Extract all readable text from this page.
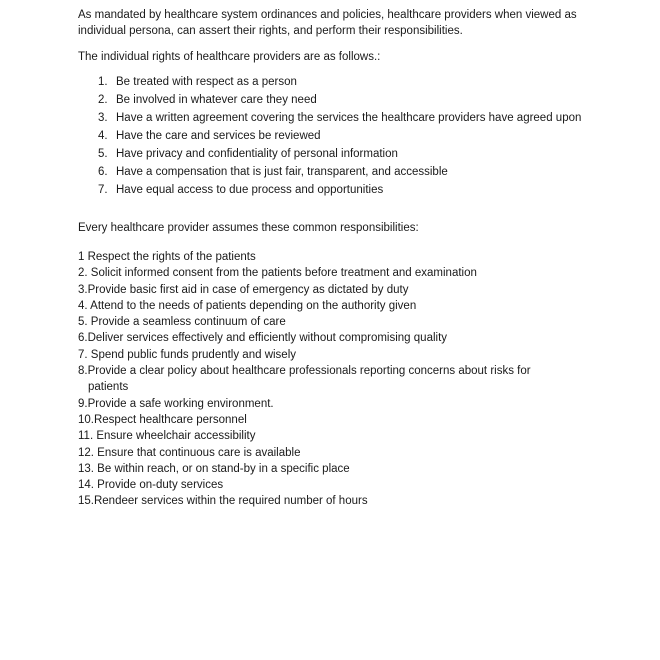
As mandated by healthcare system ordinances and policies, healthcare providers when viewed as individual persona, can assert their rights, and perform their responsibilities.

The individual rights of healthcare providers are as follows.:

1. Be treated with respect as a person
2. Be involved in whatever care they need
3. Have a written agreement covering the services the healthcare providers have agreed upon
4. Have the care and services be reviewed
5. Have privacy and confidentiality of personal information
6. Have a compensation that is just fair, transparent, and accessible
7. Have equal access to due process and opportunities

Every healthcare provider assumes these common responsibilities:

1 Respect the rights of the patients
2. Solicit informed consent from the patients before treatment and examination
3.Provide basic first aid in case of emergency as dictated by duty
4. Attend to the needs of patients depending on the authority given
5. Provide a seamless continuum of care
6.Deliver services effectively and efficiently without compromising quality
7. Spend public funds prudently and wisely
8.Provide a clear policy about healthcare professionals reporting concerns about risks for
patients
9.Provide a safe working environment.
10.Respect healthcare personnel
11. Ensure wheelchair accessibility
12. Ensure that continuous care is available
13. Be within reach, or on stand-by in a specific place
14. Provide on-duty services
15.Rendeer services within the required number of hours
